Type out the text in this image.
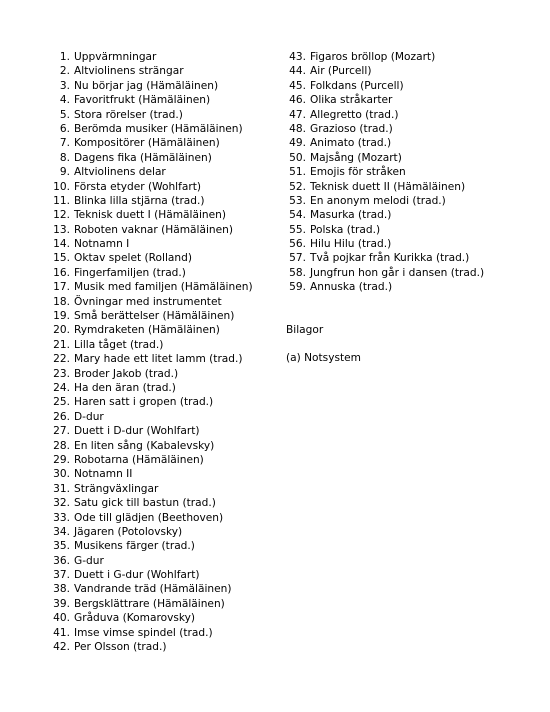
1. Uppvärmningar
2. Altviolinens strängar
3. Nu börjar jag (Hämäläinen)
4. Favoritfrukt (Hämäläinen)
5. Stora rörelser (trad.)
6. Berömda musiker (Hämäläinen)
7. Kompositörer (Hämäläinen)
8. Dagens fika (Hämäläinen)
9. Altviolinens delar
10. Första etyder (Wohlfart)
11. Blinka lilla stjärna (trad.)
12. Teknisk duett I (Hämäläinen)
13. Roboten vaknar (Hämäläinen)
14. Notnamn I
15. Oktav spelet (Rolland)
16. Fingerfamiljen (trad.)
17. Musik med familjen (Hämäläinen)
18. Övningar med instrumentet
19. Små berättelser (Hämäläinen)
20. Rymdraketen (Hämäläinen)
21. Lilla tåget (trad.)
22. Mary hade ett litet lamm (trad.)
23. Broder Jakob (trad.)
24. Ha den äran (trad.)
25. Haren satt i gropen (trad.)
26. D-dur
27. Duett i D-dur (Wohlfart)
28. En liten sång (Kabalevsky)
29. Robotarna (Hämäläinen)
30. Notnamn II
31. Strängväxlingar
32. Satu gick till bastun (trad.)
33. Ode till glädjen (Beethoven)
34. Jägaren (Potolovsky)
35. Musikens färger (trad.)
36. G-dur
37. Duett i G-dur (Wohlfart)
38. Vandrande träd (Hämäläinen)
39. Bergsklättrare (Hämäläinen)
40. Gråduva (Komarovsky)
41. Imse vimse spindel (trad.)
42. Per Olsson (trad.)
43. Figaros bröllop (Mozart)
44. Air (Purcell)
45. Folkdans (Purcell)
46. Olika stråkarter
47. Allegretto (trad.)
48. Grazioso (trad.)
49. Animato (trad.)
50. Majsång (Mozart)
51. Emojis för stråken
52. Teknisk duett II (Hämäläinen)
53. En anonym melodi (trad.)
54. Masurka (trad.)
55. Polska (trad.)
56. Hilu Hilu (trad.)
57. Två pojkar från Kurikka (trad.)
58. Jungfrun hon går i dansen (trad.)
59. Annuska (trad.)
Bilagor
(a) Notsystem
